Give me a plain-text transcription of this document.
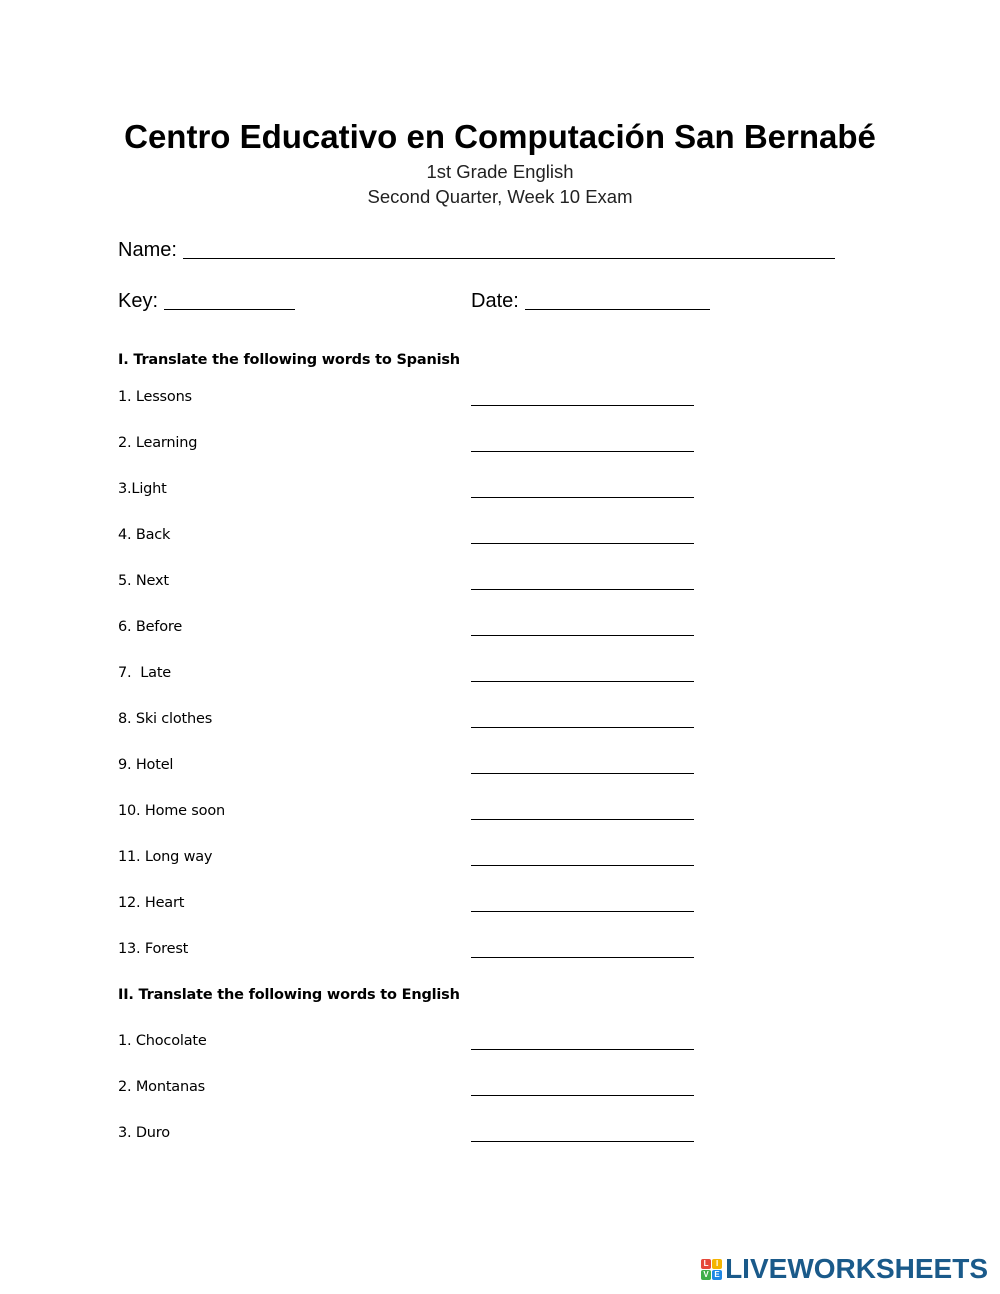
Centro Educativo en Computación San Bernabé
1st Grade English
Second Quarter, Week 10 Exam
Name:
Key:	Date:
I. Translate the following words to Spanish
1. Lessons
2. Learning
3.Light
4. Back
5. Next
6. Before
7.  Late
8. Ski clothes
9. Hotel
10. Home soon
11. Long way
12. Heart
13. Forest
II. Translate the following words to English
1. Chocolate
2. Montanas
3. Duro
L I
V E LIVEWORKSHEETS
